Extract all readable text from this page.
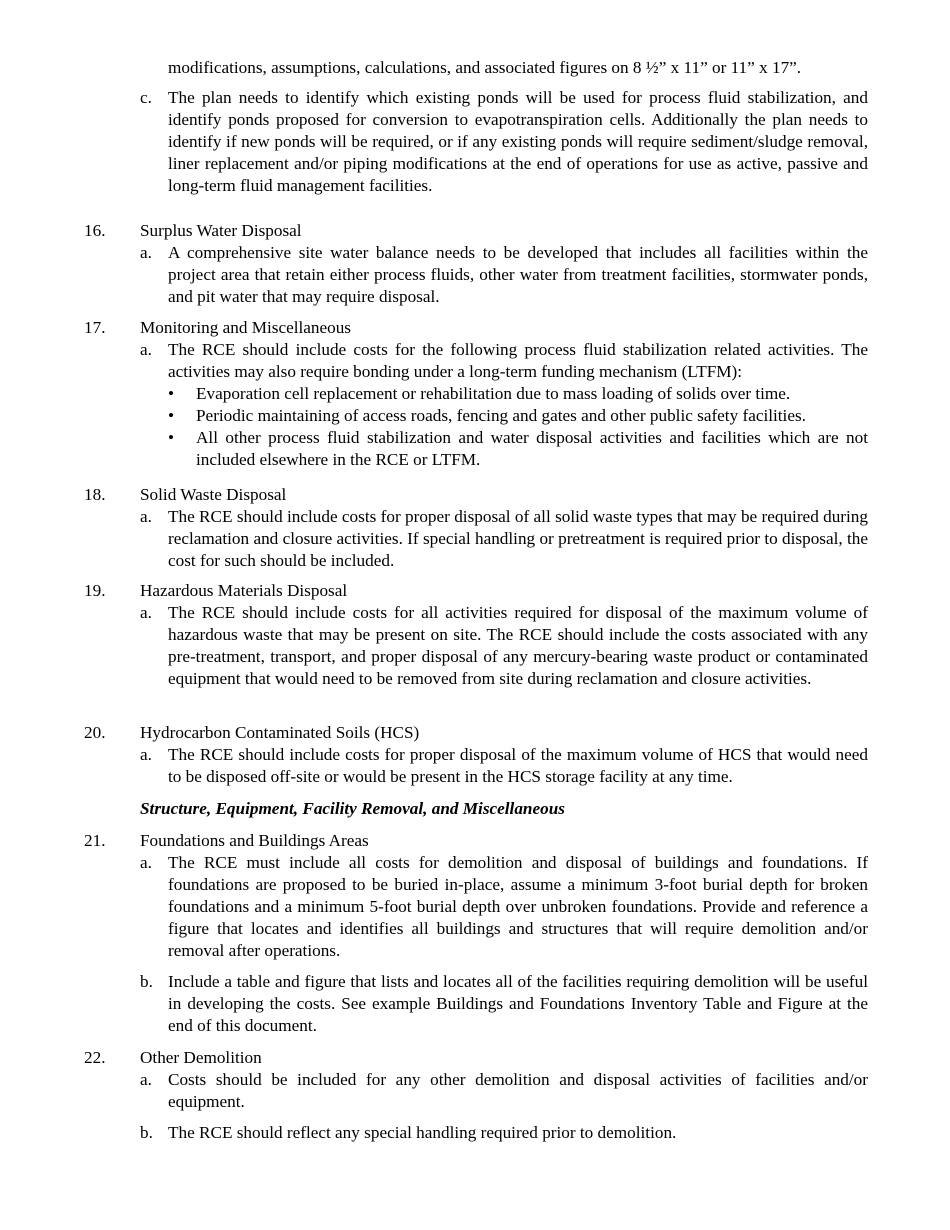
modifications, assumptions, calculations, and associated figures on 8 ½” x 11” or 11” x 17”.
c. The plan needs to identify which existing ponds will be used for process fluid stabilization, and identify ponds proposed for conversion to evapotranspiration cells. Additionally the plan needs to identify if new ponds will be required, or if any existing ponds will require sediment/sludge removal, liner replacement and/or piping modifications at the end of operations for use as active, passive and long-term fluid management facilities.
16.	Surplus Water Disposal
a. A comprehensive site water balance needs to be developed that includes all facilities within the project area that retain either process fluids, other water from treatment facilities, stormwater ponds, and pit water that may require disposal.
17.	Monitoring and Miscellaneous
a. The RCE should include costs for the following process fluid stabilization related activities. The activities may also require bonding under a long-term funding mechanism (LTFM):
•	Evaporation cell replacement or rehabilitation due to mass loading of solids over time.
•	Periodic maintaining of access roads, fencing and gates and other public safety facilities.
•	All other process fluid stabilization and water disposal activities and facilities which are not included elsewhere in the RCE or LTFM.
18.	Solid Waste Disposal
a. The RCE should include costs for proper disposal of all solid waste types that may be required during reclamation and closure activities. If special handling or pretreatment is required prior to disposal, the cost for such should be included.
19.	Hazardous Materials Disposal
a. The RCE should include costs for all activities required for disposal of the maximum volume of hazardous waste that may be present on site. The RCE should include the costs associated with any pre-treatment, transport, and proper disposal of any mercury-bearing waste product or contaminated equipment that would need to be removed from site during reclamation and closure activities.
20.	Hydrocarbon Contaminated Soils (HCS)
a. The RCE should include costs for proper disposal of the maximum volume of HCS that would need to be disposed off-site or would be present in the HCS storage facility at any time.
Structure, Equipment, Facility Removal, and Miscellaneous
21.	Foundations and Buildings Areas
a. The RCE must include all costs for demolition and disposal of buildings and foundations. If foundations are proposed to be buried in-place, assume a minimum 3-foot burial depth for broken foundations and a minimum 5-foot burial depth over unbroken foundations. Provide and reference a figure that locates and identifies all buildings and structures that will require demolition and/or removal after operations.
b. Include a table and figure that lists and locates all of the facilities requiring demolition will be useful in developing the costs. See example Buildings and Foundations Inventory Table and Figure at the end of this document.
22.	Other Demolition
a. Costs should be included for any other demolition and disposal activities of facilities and/or equipment.
b. The RCE should reflect any special handling required prior to demolition.
